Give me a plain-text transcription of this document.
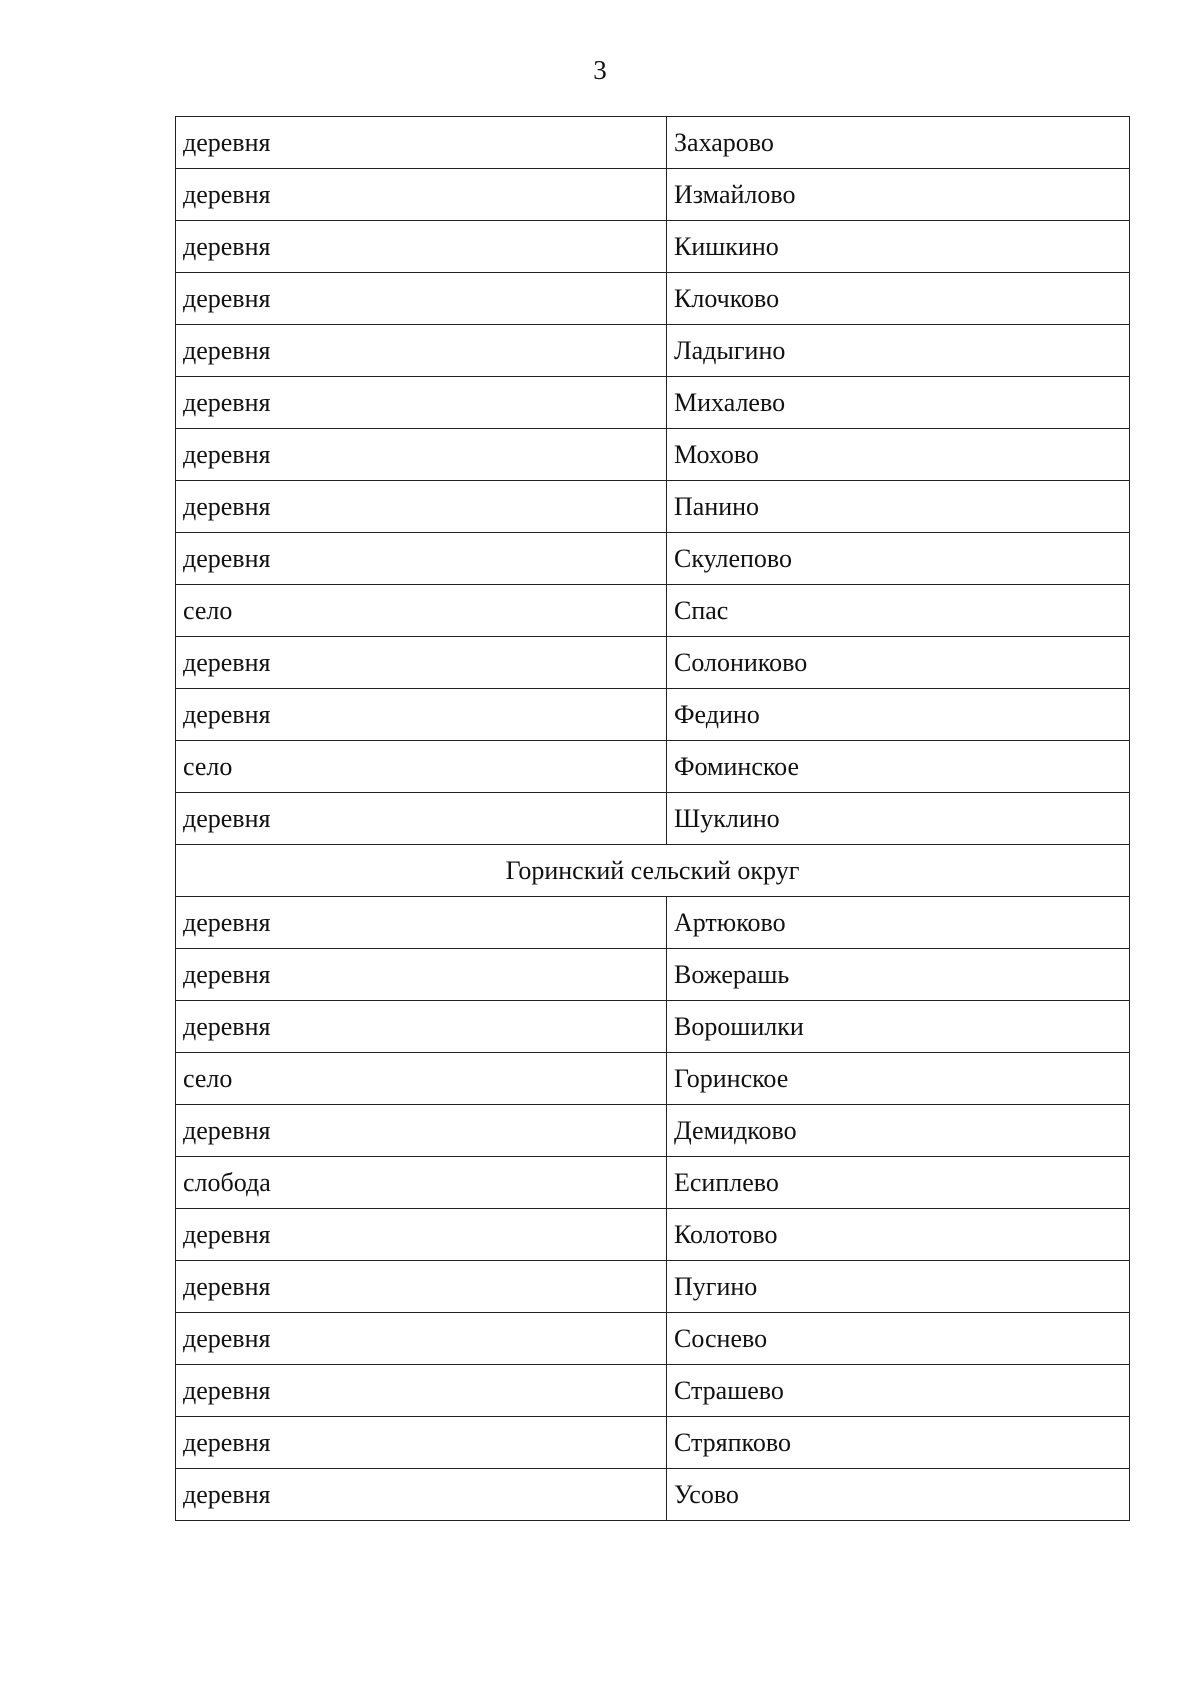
3
деревня	Захарово
деревня	Измайлово
деревня	Кишкино
деревня	Клочково
деревня	Ладыгино
деревня	Михалево
деревня	Мохово
деревня	Панино
деревня	Скулепово
село	Спас
деревня	Солониково
деревня	Федино
село	Фоминское
деревня	Шуклино
Горинский сельский округ	
деревня	Артюково
деревня	Вожерашь
деревня	Ворошилки
село	Горинское
деревня	Демидково
слобода	Есиплево
деревня	Колотово
деревня	Пугино
деревня	Соснево
деревня	Страшево
деревня	Стряпково
деревня	Усово
